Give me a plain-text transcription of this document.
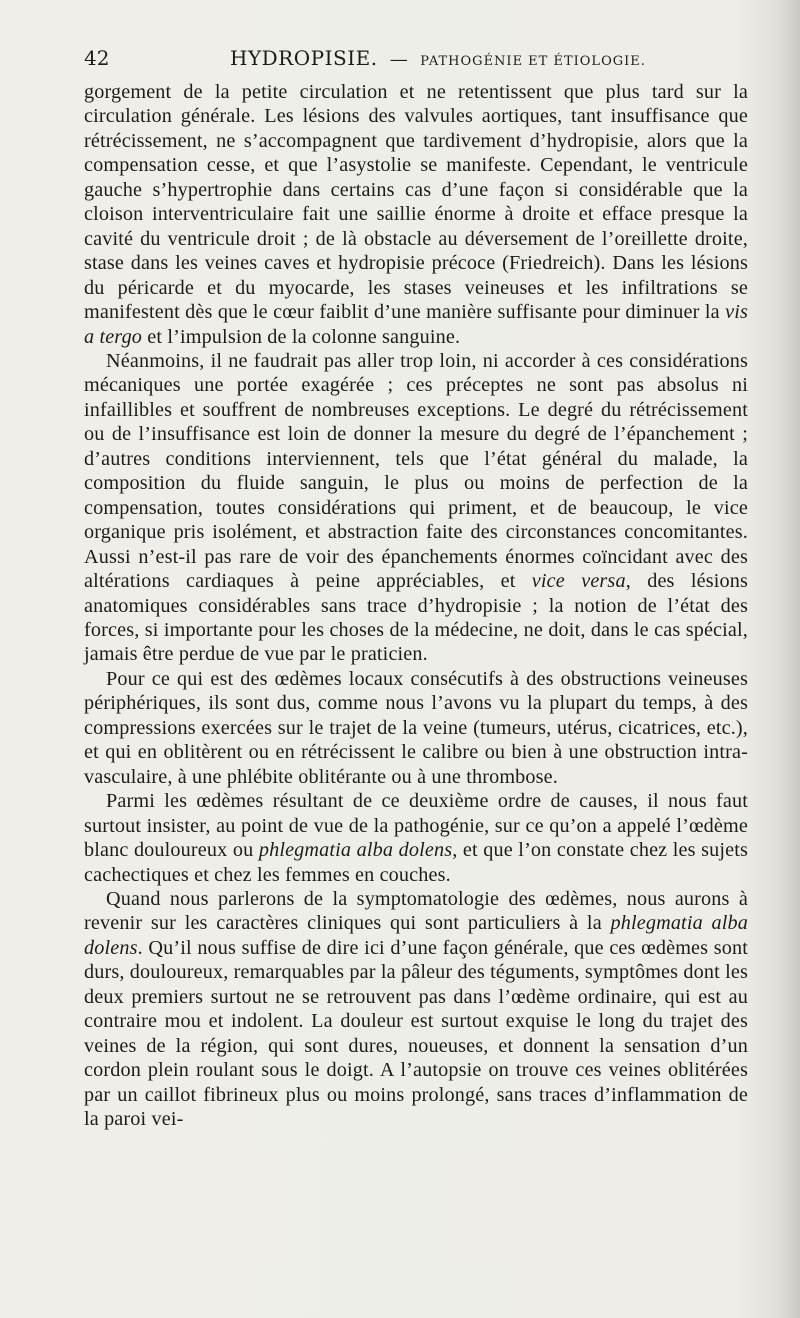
42	HYDROPISIE. — PATHOGÉNIE ET ÉTIOLOGIE.

gorgement de la petite circulation et ne retentissent que plus tard sur la circulation générale. Les lésions des valvules aortiques, tant insuffisance que rétrécissement, ne s’accompagnent que tardivement d’hydropisie, alors que la compensation cesse, et que l’asystolie se manifeste. Cependant, le ventricule gauche s’hypertrophie dans certains cas d’une façon si considérable que la cloison interventriculaire fait une saillie énorme à droite et efface presque la cavité du ventricule droit ; de là obstacle au déversement de l’oreillette droite, stase dans les veines caves et hydropisie précoce (Friedreich). Dans les lésions du péricarde et du myocarde, les stases veineuses et les infiltrations se manifestent dès que le cœur faiblit d’une manière suffisante pour diminuer la vis a tergo et l’impulsion de la colonne sanguine.

Néanmoins, il ne faudrait pas aller trop loin, ni accorder à ces considérations mécaniques une portée exagérée ; ces préceptes ne sont pas absolus ni infaillibles et souffrent de nombreuses exceptions. Le degré du rétrécissement ou de l’insuffisance est loin de donner la mesure du degré de l’épanchement ; d’autres conditions interviennent, tels que l’état général du malade, la composition du fluide sanguin, le plus ou moins de perfection de la compensation, toutes considérations qui priment, et de beaucoup, le vice organique pris isolément, et abstraction faite des circonstances concomitantes. Aussi n’est-il pas rare de voir des épanchements énormes coïncidant avec des altérations cardiaques à peine appréciables, et vice versa, des lésions anatomiques considérables sans trace d’hydropisie ; la notion de l’état des forces, si importante pour les choses de la médecine, ne doit, dans le cas spécial, jamais être perdue de vue par le praticien.

Pour ce qui est des œdèmes locaux consécutifs à des obstructions veineuses périphériques, ils sont dus, comme nous l’avons vu la plupart du temps, à des compressions exercées sur le trajet de la veine (tumeurs, utérus, cicatrices, etc.), et qui en oblitèrent ou en rétrécissent le calibre ou bien à une obstruction intra-vasculaire, à une phlébite oblitérante ou à une thrombose.

Parmi les œdèmes résultant de ce deuxième ordre de causes, il nous faut surtout insister, au point de vue de la pathogénie, sur ce qu’on a appelé l’œdème blanc douloureux ou phlegmatia alba dolens, et que l’on constate chez les sujets cachectiques et chez les femmes en couches.

Quand nous parlerons de la symptomatologie des œdèmes, nous aurons à revenir sur les caractères cliniques qui sont particuliers à la phlegmatia alba dolens. Qu’il nous suffise de dire ici d’une façon générale, que ces œdèmes sont durs, douloureux, remarquables par la pâleur des téguments, symptômes dont les deux premiers surtout ne se retrouvent pas dans l’œdème ordinaire, qui est au contraire mou et indolent. La douleur est surtout exquise le long du trajet des veines de la région, qui sont dures, noueuses, et donnent la sensation d’un cordon plein roulant sous le doigt. A l’autopsie on trouve ces veines oblitérées par un caillot fibrineux plus ou moins prolongé, sans traces d’inflammation de la paroi vei-
